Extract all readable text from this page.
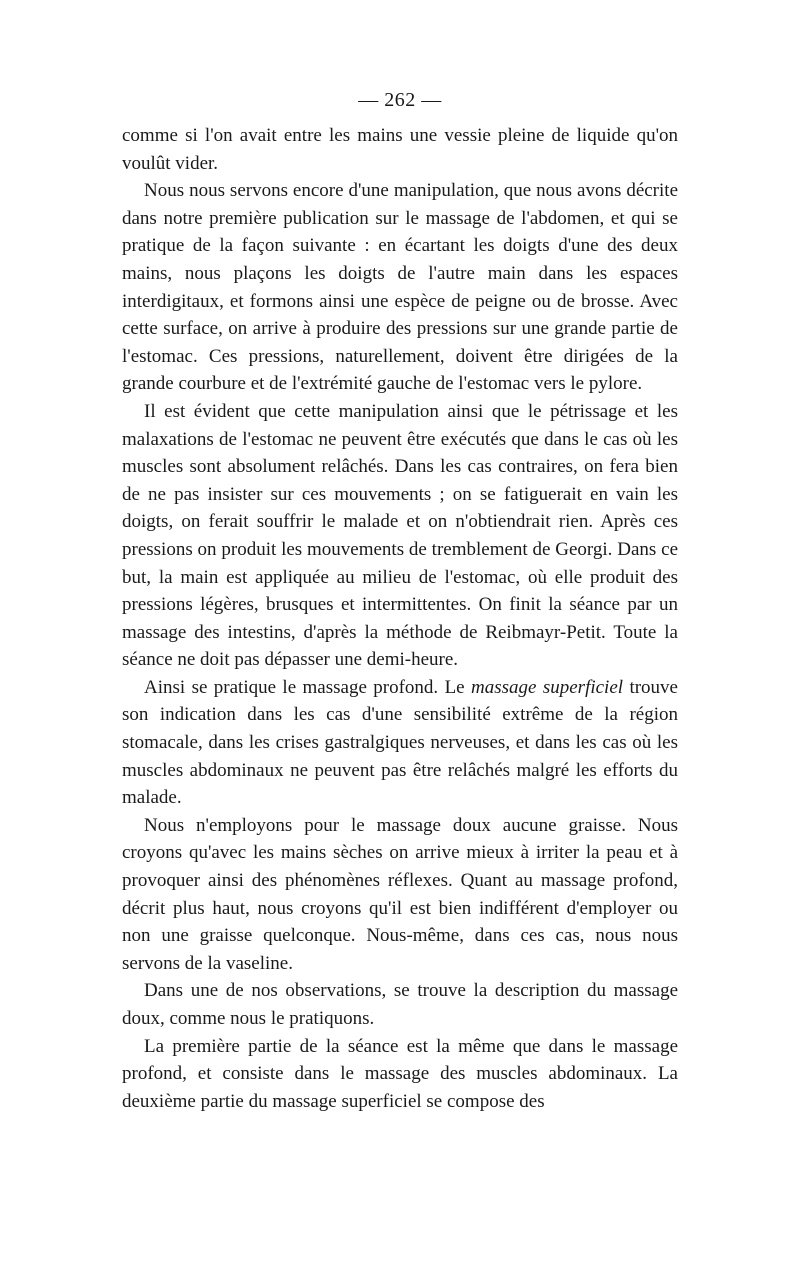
— 262 —

comme si l'on avait entre les mains une vessie pleine de liquide qu'on voulût vider.

Nous nous servons encore d'une manipulation, que nous avons décrite dans notre première publication sur le massage de l'abdomen, et qui se pratique de la façon suivante : en écartant les doigts d'une des deux mains, nous plaçons les doigts de l'autre main dans les espaces interdigitaux, et formons ainsi une espèce de peigne ou de brosse. Avec cette surface, on arrive à produire des pressions sur une grande partie de l'estomac. Ces pressions, naturellement, doivent être dirigées de la grande courbure et de l'extrémité gauche de l'estomac vers le pylore.

Il est évident que cette manipulation ainsi que le pétrissage et les malaxations de l'estomac ne peuvent être exécutés que dans le cas où les muscles sont absolument relâchés. Dans les cas contraires, on fera bien de ne pas insister sur ces mouvements ; on se fatiguerait en vain les doigts, on ferait souffrir le malade et on n'obtiendrait rien. Après ces pressions on produit les mouvements de tremblement de Georgi. Dans ce but, la main est appliquée au milieu de l'estomac, où elle produit des pressions légères, brusques et intermittentes. On finit la séance par un massage des intestins, d'après la méthode de Reibmayr-Petit. Toute la séance ne doit pas dépasser une demi-heure.

Ainsi se pratique le massage profond. Le massage superficiel trouve son indication dans les cas d'une sensibilité extrême de la région stomacale, dans les crises gastralgiques nerveuses, et dans les cas où les muscles abdominaux ne peuvent pas être relâchés malgré les efforts du malade.

Nous n'employons pour le massage doux aucune graisse. Nous croyons qu'avec les mains sèches on arrive mieux à irriter la peau et à provoquer ainsi des phénomènes réflexes. Quant au massage profond, décrit plus haut, nous croyons qu'il est bien indifférent d'employer ou non une graisse quelconque. Nous-même, dans ces cas, nous nous servons de la vaseline.

Dans une de nos observations, se trouve la description du massage doux, comme nous le pratiquons.

La première partie de la séance est la même que dans le massage profond, et consiste dans le massage des muscles abdominaux. La deuxième partie du massage superficiel se compose des
